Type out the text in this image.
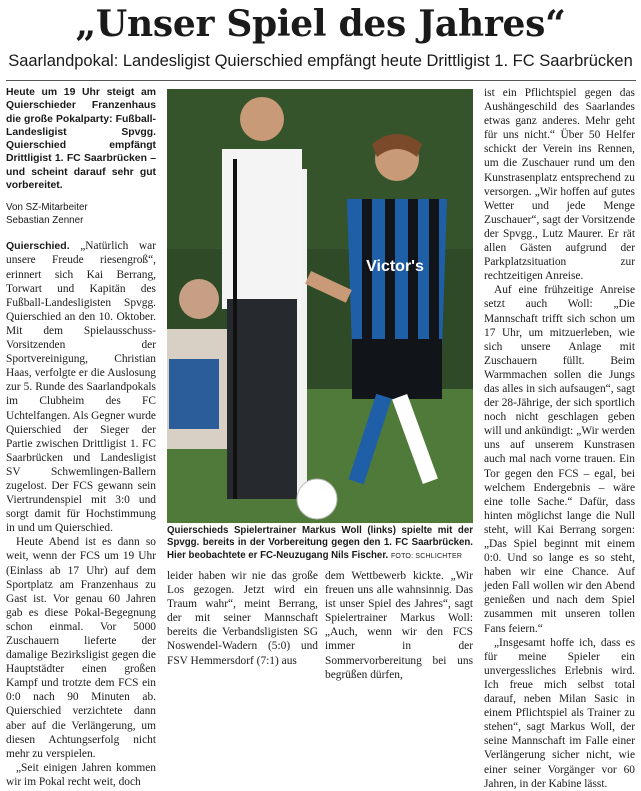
„Unser Spiel des Jahres“
Saarlandpokal: Landesligist Quierschied empfängt heute Drittligist 1. FC Saarbrücken
Heute um 19 Uhr steigt am Quierschieder Franzenhaus die große Pokalparty: Fußball-Landesligist Spvgg. Quierschied empfängt Drittligist 1. FC Saarbrücken – und scheint darauf sehr gut vorbereitet.
Von SZ-Mitarbeiter
Sebastian Zenner

Quierschied. „Natürlich war unsere Freude riesengroß“, erinnert sich Kai Berrang, Torwart und Kapitän des Fußball-Landesligisten Spvgg. Quierschied an den 10. Oktober. Mit dem Spielausschuss-Vorsitzenden der Sportvereinigung, Christian Haas, verfolgte er die Auslosung zur 5. Runde des Saarlandpokals im Clubheim des FC Uchtelfangen. Als Gegner wurde Quierschied der Sieger der Partie zwischen Drittligist 1. FC Saarbrücken und Landesligist SV Schwemlingen-Ballern zugelost. Der FCS gewann sein Viertrundenspiel mit 3:0 und sorgt damit für Hochstimmung in und um Quierschied.

Heute Abend ist es dann so weit, wenn der FCS um 19 Uhr (Einlass ab 17 Uhr) auf dem Sportplatz am Franzenhaus zu Gast ist. Vor genau 60 Jahren gab es diese Pokal-Begegnung schon einmal. Vor 5000 Zuschauern lieferte der damalige Bezirksligist gegen die Hauptstädter einen großen Kampf und trotzte dem FCS ein 0:0 nach 90 Minuten ab. Quierschied verzichtete dann aber auf die Verlängerung, um diesen Achtungserfolg nicht mehr zu verspielen.

„Seit einigen Jahren kommen wir im Pokal recht weit, doch

Victor's
Quierschieds Spielertrainer Markus Woll (links) spielte mit der Spvgg. bereits in der Vorbereitung gegen den 1. FC Saarbrücken. Hier beobachtete er FC-Neuzugang Nils Fischer. FOTO: SCHLICHTER

leider haben wir nie das große Los gezogen. Jetzt wird ein Traum wahr“, meint Berrang, der mit seiner Mannschaft bereits die Verbandsligisten SG Noswendel-Wadern (5:0) und FSV Hemmersdorf (7:1) aus

dem Wettbewerb kickte. „Wir freuen uns alle wahnsinnig. Das ist unser Spiel des Jahres“, sagt Spielertrainer Markus Woll: „Auch, wenn wir den FCS immer in der Sommervorbereitung bei uns begrüßen dürfen,

ist ein Pflichtspiel gegen das Aushängeschild des Saarlandes etwas ganz anderes. Mehr geht für uns nicht.“ Über 50 Helfer schickt der Verein ins Rennen, um die Zuschauer rund um den Kunstrasenplatz entsprechend zu versorgen. „Wir hoffen auf gutes Wetter und jede Menge Zuschauer“, sagt der Vorsitzende der Spvgg., Lutz Maurer. Er rät allen Gästen aufgrund der Parkplatzsituation zur rechtzeitigen Anreise.

Auf eine frühzeitige Anreise setzt auch Woll: „Die Mannschaft trifft sich schon um 17 Uhr, um mitzuerleben, wie sich unsere Anlage mit Zuschauern füllt. Beim Warmmachen sollen die Jungs das alles in sich aufsaugen“, sagt der 28-Jährige, der sich sportlich noch nicht geschlagen geben will und ankündigt: „Wir werden uns auf unserem Kunstrasen auch mal nach vorne trauen. Ein Tor gegen den FCS – egal, bei welchem Endergebnis – wäre eine tolle Sache.“ Dafür, dass hinten möglichst lange die Null steht, will Kai Berrang sorgen: „Das Spiel beginnt mit einem 0:0. Und so lange es so steht, haben wir eine Chance. Auf jeden Fall wollen wir den Abend genießen und nach dem Spiel zusammen mit unseren tollen Fans feiern.“

„Insgesamt hoffe ich, dass es für meine Spieler ein unvergessliches Erlebnis wird. Ich freue mich selbst total darauf, neben Milan Sasic in einem Pflichtspiel als Trainer zu stehen“, sagt Markus Woll, der seine Mannschaft im Falle einer Verlängerung sicher nicht, wie einer seiner Vorgänger vor 60 Jahren, in der Kabine lässt.
